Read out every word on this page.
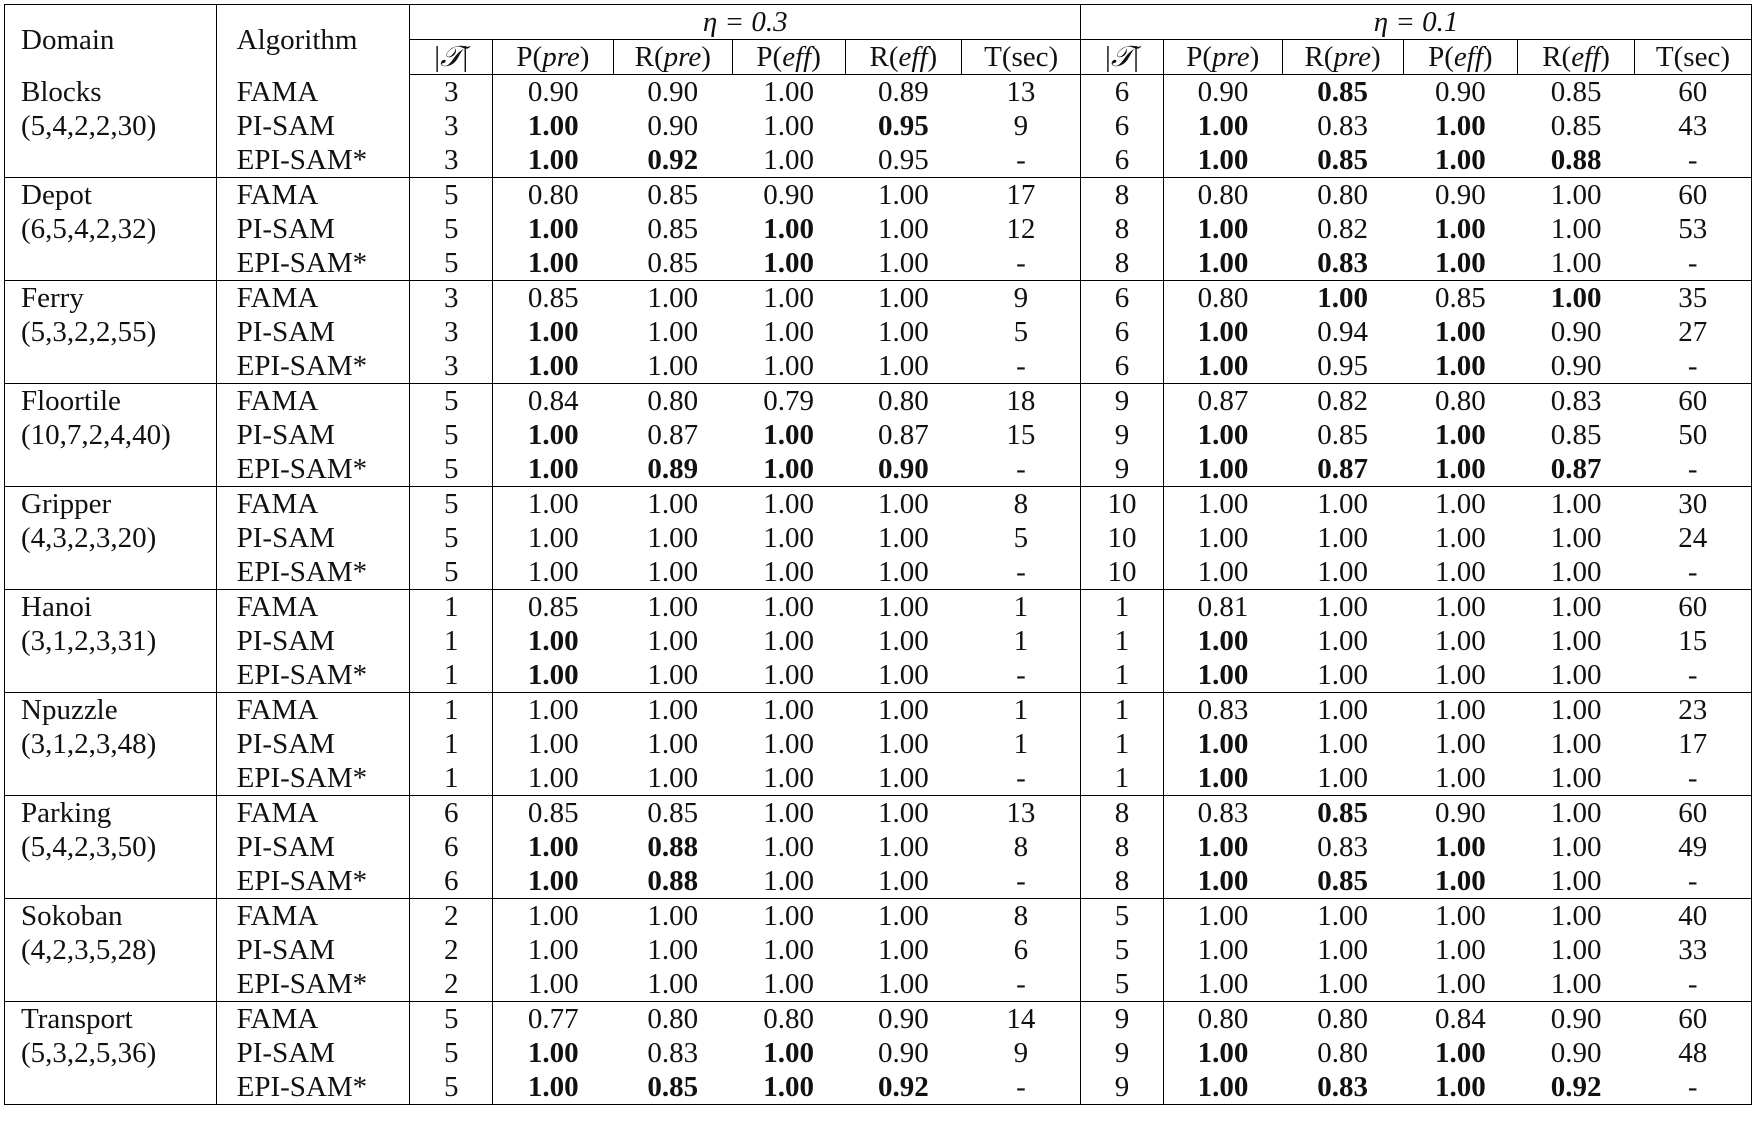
Domain	Algorithm	η = 0.3						η = 0.1					
		|𝒯|	P(pre)	R(pre)	P(eff)	R(eff)	T(sec)	|𝒯|	P(pre)	R(pre)	P(eff)	R(eff)	T(sec)
Blocks	FAMA	3	0.90	0.90	1.00	0.89	13	6	0.90	0.85	0.90	0.85	60
(5,4,2,2,30)	PI-SAM	3	1.00	0.90	1.00	0.95	9	6	1.00	0.83	1.00	0.85	43
	EPI-SAM*	3	1.00	0.92	1.00	0.95	-	6	1.00	0.85	1.00	0.88	-
Depot	FAMA	5	0.80	0.85	0.90	1.00	17	8	0.80	0.80	0.90	1.00	60
(6,5,4,2,32)	PI-SAM	5	1.00	0.85	1.00	1.00	12	8	1.00	0.82	1.00	1.00	53
	EPI-SAM*	5	1.00	0.85	1.00	1.00	-	8	1.00	0.83	1.00	1.00	-
Ferry	FAMA	3	0.85	1.00	1.00	1.00	9	6	0.80	1.00	0.85	1.00	35
(5,3,2,2,55)	PI-SAM	3	1.00	1.00	1.00	1.00	5	6	1.00	0.94	1.00	0.90	27
	EPI-SAM*	3	1.00	1.00	1.00	1.00	-	6	1.00	0.95	1.00	0.90	-
Floortile	FAMA	5	0.84	0.80	0.79	0.80	18	9	0.87	0.82	0.80	0.83	60
(10,7,2,4,40)	PI-SAM	5	1.00	0.87	1.00	0.87	15	9	1.00	0.85	1.00	0.85	50
	EPI-SAM*	5	1.00	0.89	1.00	0.90	-	9	1.00	0.87	1.00	0.87	-
Gripper	FAMA	5	1.00	1.00	1.00	1.00	8	10	1.00	1.00	1.00	1.00	30
(4,3,2,3,20)	PI-SAM	5	1.00	1.00	1.00	1.00	5	10	1.00	1.00	1.00	1.00	24
	EPI-SAM*	5	1.00	1.00	1.00	1.00	-	10	1.00	1.00	1.00	1.00	-
Hanoi	FAMA	1	0.85	1.00	1.00	1.00	1	1	0.81	1.00	1.00	1.00	60
(3,1,2,3,31)	PI-SAM	1	1.00	1.00	1.00	1.00	1	1	1.00	1.00	1.00	1.00	15
	EPI-SAM*	1	1.00	1.00	1.00	1.00	-	1	1.00	1.00	1.00	1.00	-
Npuzzle	FAMA	1	1.00	1.00	1.00	1.00	1	1	0.83	1.00	1.00	1.00	23
(3,1,2,3,48)	PI-SAM	1	1.00	1.00	1.00	1.00	1	1	1.00	1.00	1.00	1.00	17
	EPI-SAM*	1	1.00	1.00	1.00	1.00	-	1	1.00	1.00	1.00	1.00	-
Parking	FAMA	6	0.85	0.85	1.00	1.00	13	8	0.83	0.85	0.90	1.00	60
(5,4,2,3,50)	PI-SAM	6	1.00	0.88	1.00	1.00	8	8	1.00	0.83	1.00	1.00	49
	EPI-SAM*	6	1.00	0.88	1.00	1.00	-	8	1.00	0.85	1.00	1.00	-
Sokoban	FAMA	2	1.00	1.00	1.00	1.00	8	5	1.00	1.00	1.00	1.00	40
(4,2,3,5,28)	PI-SAM	2	1.00	1.00	1.00	1.00	6	5	1.00	1.00	1.00	1.00	33
	EPI-SAM*	2	1.00	1.00	1.00	1.00	-	5	1.00	1.00	1.00	1.00	-
Transport	FAMA	5	0.77	0.80	0.80	0.90	14	9	0.80	0.80	0.84	0.90	60
(5,3,2,5,36)	PI-SAM	5	1.00	0.83	1.00	0.90	9	9	1.00	0.80	1.00	0.90	48
	EPI-SAM*	5	1.00	0.85	1.00	0.92	-	9	1.00	0.83	1.00	0.92	-
